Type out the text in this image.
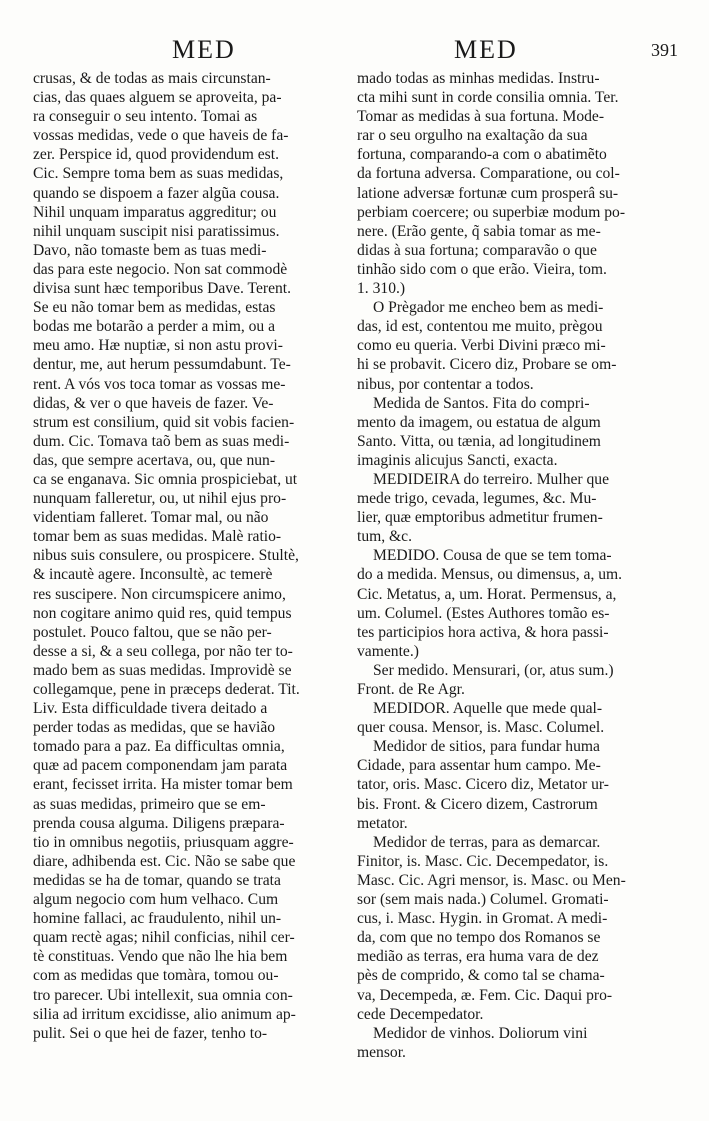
MED	MED	391
crusas, & de todas as mais circunstan-
cias, das quaes alguem se aproveita, pa-
ra conseguir o seu intento. Tomai as
vossas medidas, vede o que haveis de fa-
zer. Perspice id, quod providendum est.
Cic. Sempre toma bem as suas medidas,
quando se dispoem a fazer algũa cousa.
Nihil unquam imparatus aggreditur; ou
nihil unquam suscipit nisi paratissimus.
Davo, não tomaste bem as tuas medi-
das para este negocio. Non sat commodè
divisa sunt hæc temporibus Dave. Terent.
Se eu não tomar bem as medidas, estas
bodas me botarão a perder a mim, ou a
meu amo. Hæ nuptiæ, si non astu provi-
dentur, me, aut herum pessumdabunt. Te-
rent. A vós vos toca tomar as vossas me-
didas, & ver o que haveis de fazer. Ve-
strum est consilium, quid sit vobis facien-
dum. Cic. Tomava taõ bem as suas medi-
das, que sempre acertava, ou, que nun-
ca se enganava. Sic omnia prospiciebat, ut
nunquam falleretur, ou, ut nihil ejus pro-
videntiam falleret. Tomar mal, ou não
tomar bem as suas medidas. Malè ratio-
nibus suis consulere, ou prospicere. Stultè,
& incautè agere. Inconsultè, ac temerè
res suscipere. Non circumspicere animo,
non cogitare animo quid res, quid tempus
postulet. Pouco faltou, que se não per-
desse a si, & a seu collega, por não ter to-
mado bem as suas medidas. Improvidè se
collegamque, pene in præceps dederat. Tit.
Liv. Esta difficuldade tivera deitado a
perder todas as medidas, que se havião
tomado para a paz. Ea difficultas omnia,
quæ ad pacem componendam jam parata
erant, fecisset irrita. Ha mister tomar bem
as suas medidas, primeiro que se em-
prenda cousa alguma. Diligens præpara-
tio in omnibus negotiis, priusquam aggre-
diare, adhibenda est. Cic. Não se sabe que
medidas se ha de tomar, quando se trata
algum negocio com hum velhaco. Cum
homine fallaci, ac fraudulento, nihil un-
quam rectè agas; nihil conficias, nihil cer-
tè constituas. Vendo que não lhe hia bem
com as medidas que tomàra, tomou ou-
tro parecer. Ubi intellexit, sua omnia con-
silia ad irritum excidisse, alio animum ap-
pulit. Sei o que hei de fazer, tenho to-
mado todas as minhas medidas. Instru-
cta mihi sunt in corde consilia omnia. Ter.
Tomar as medidas à sua fortuna. Mode-
rar o seu orgulho na exaltação da sua
fortuna, comparando-a com o abatimẽto
da fortuna adversa. Comparatione, ou col-
latione adversæ fortunæ cum prosperâ su-
perbiam coercere; ou superbiæ modum po-
nere. (Erão gente, q̃ sabia tomar as me-
didas à sua fortuna; comparavão o que
tinhão sido com o que erão. Vieira, tom.
1. 310.)
O Prègador me encheo bem as medi-
das, id est, contentou me muito, prègou
como eu queria. Verbi Divini præco mi-
hi se probavit. Cicero diz, Probare se om-
nibus, por contentar a todos.
Medida de Santos. Fita do compri-
mento da imagem, ou estatua de algum
Santo. Vitta, ou tænia, ad longitudinem
imaginis alicujus Sancti, exacta.
MEDIDEIRA do terreiro. Mulher que
mede trigo, cevada, legumes, &c. Mu-
lier, quæ emptoribus admetitur frumen-
tum, &c.
MEDIDO. Cousa de que se tem toma-
do a medida. Mensus, ou dimensus, a, um.
Cic. Metatus, a, um. Horat. Permensus, a,
um. Columel. (Estes Authores tomão es-
tes participios hora activa, & hora passi-
vamente.)
Ser medido. Mensurari, (or, atus sum.)
Front. de Re Agr.
MEDIDOR. Aquelle que mede qual-
quer cousa. Mensor, is. Masc. Columel.
Medidor de sitios, para fundar huma
Cidade, para assentar hum campo. Me-
tator, oris. Masc. Cicero diz, Metator ur-
bis. Front. & Cicero dizem, Castrorum
metator.
Medidor de terras, para as demarcar.
Finitor, is. Masc. Cic. Decempedator, is.
Masc. Cic. Agri mensor, is. Masc. ou Men-
sor (sem mais nada.) Columel. Gromati-
cus, i. Masc. Hygin. in Gromat. A medi-
da, com que no tempo dos Romanos se
medião as terras, era huma vara de dez
pès de comprido, & como tal se chama-
va, Decempeda, æ. Fem. Cic. Daqui pro-
cede Decempedator.
Medidor de vinhos. Doliorum vini
mensor.
